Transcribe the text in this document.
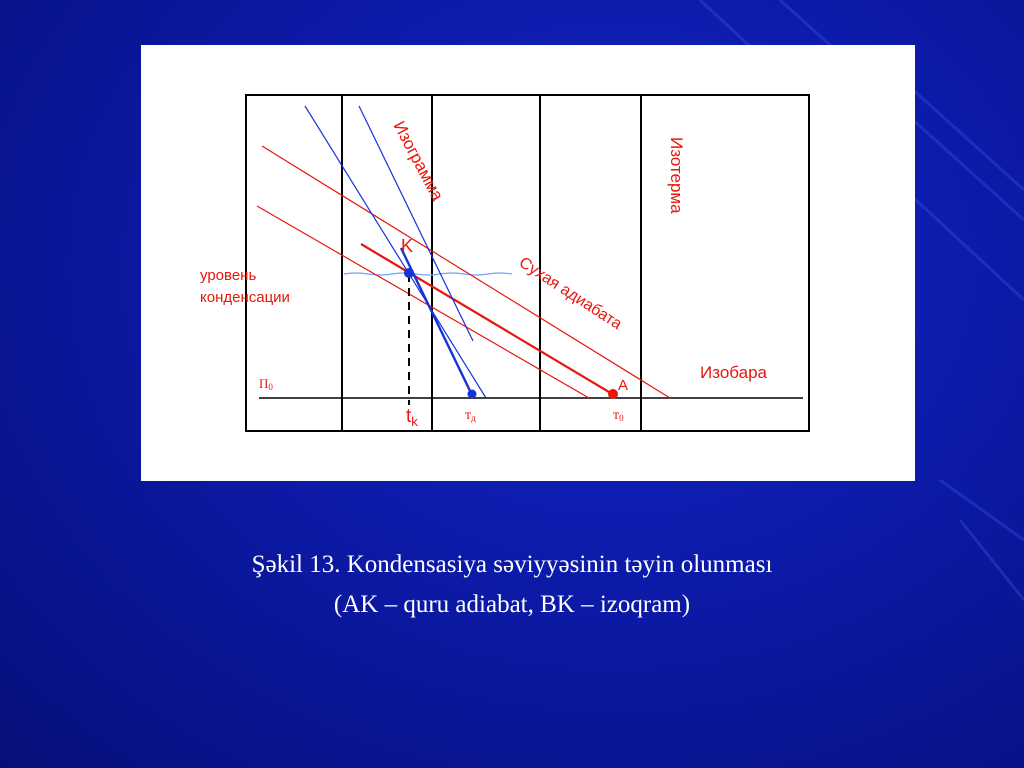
Изограмма	Изотерма
Сухая адиабата
Изобара
уровень
конденсации
П0
K
A
$t_k$	тд	т0
Şəkil 13. Kondensasiya səviyyəsinin təyin olunması
(AK – quru adiabat, BK – izoqram)
